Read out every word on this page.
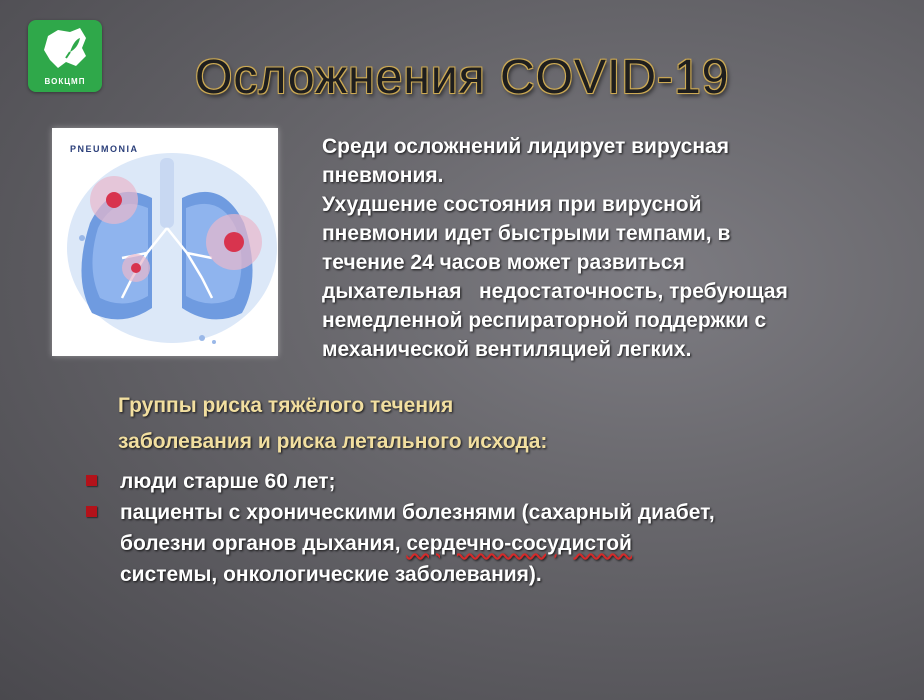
ВОКЦМП	Осложнения COVID-19
PNEUMONIA	Среди осложнений лидирует вирусная
пневмония.
Ухудшение состояния при вирусной
пневмонии идет быстрыми темпами, в
течение 24 часов может развиться
дыхательная   недостаточность, требующая
немедленной респираторной поддержки с
механической вентиляцией легких.
Группы риска тяжёлого течения
заболевания и риска летального исхода:
люди старше 60 лет;
пациенты с хроническими болезнями (сахарный диабет,
болезни органов дыхания, сердечно-сосудистой
системы, онкологические заболевания).
